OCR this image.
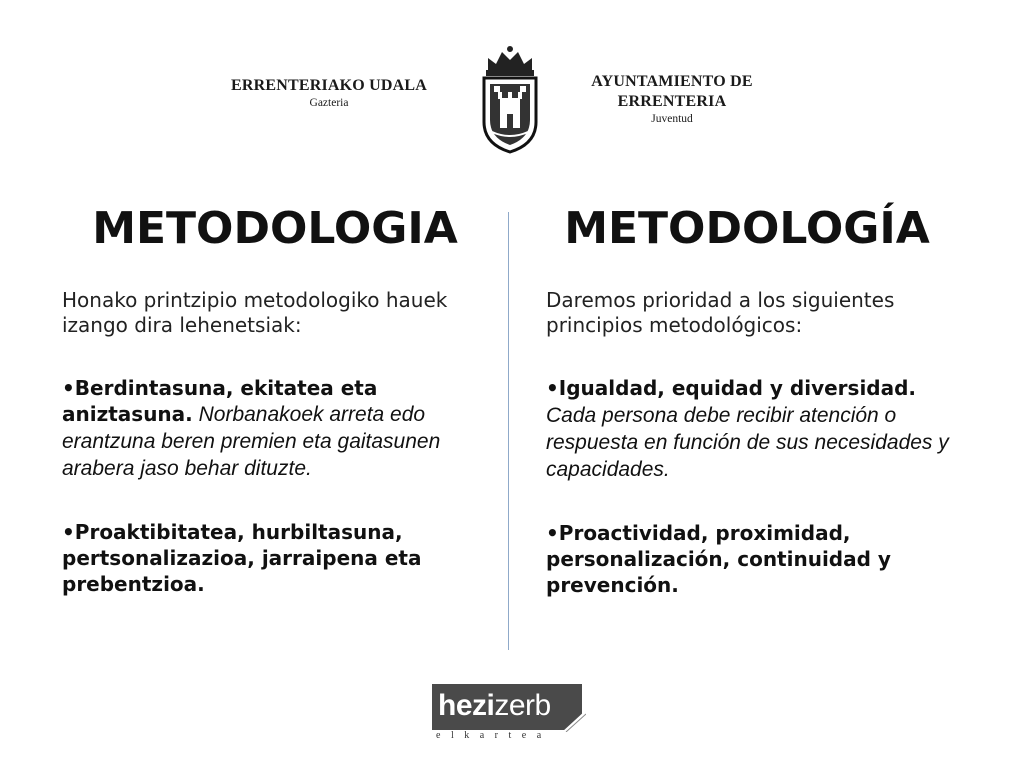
ERRENTERIAKO UDALA
Gazteria
AYUNTAMIENTO DE
ERRENTERIA
Juventud
METODOLOGIA
Honako printzipio metodologiko hauek izango dira lehenetsiak:
•Berdintasuna, ekitatea eta aniztasuna. Norbanakoek arreta edo erantzuna beren premien eta gaitasunen arabera jaso behar dituzte.
•Proaktibitatea, hurbiltasuna, pertsonalizazioa, jarraipena eta prebentzioa.
METODOLOGÍA
Daremos prioridad a los siguientes principios metodológicos:
•Igualdad, equidad y diversidad. Cada persona debe recibir atención o respuesta en función de sus necesidades y capacidades.
•Proactividad, proximidad, personalización, continuidad y prevención.
hezizerb
elkartea
